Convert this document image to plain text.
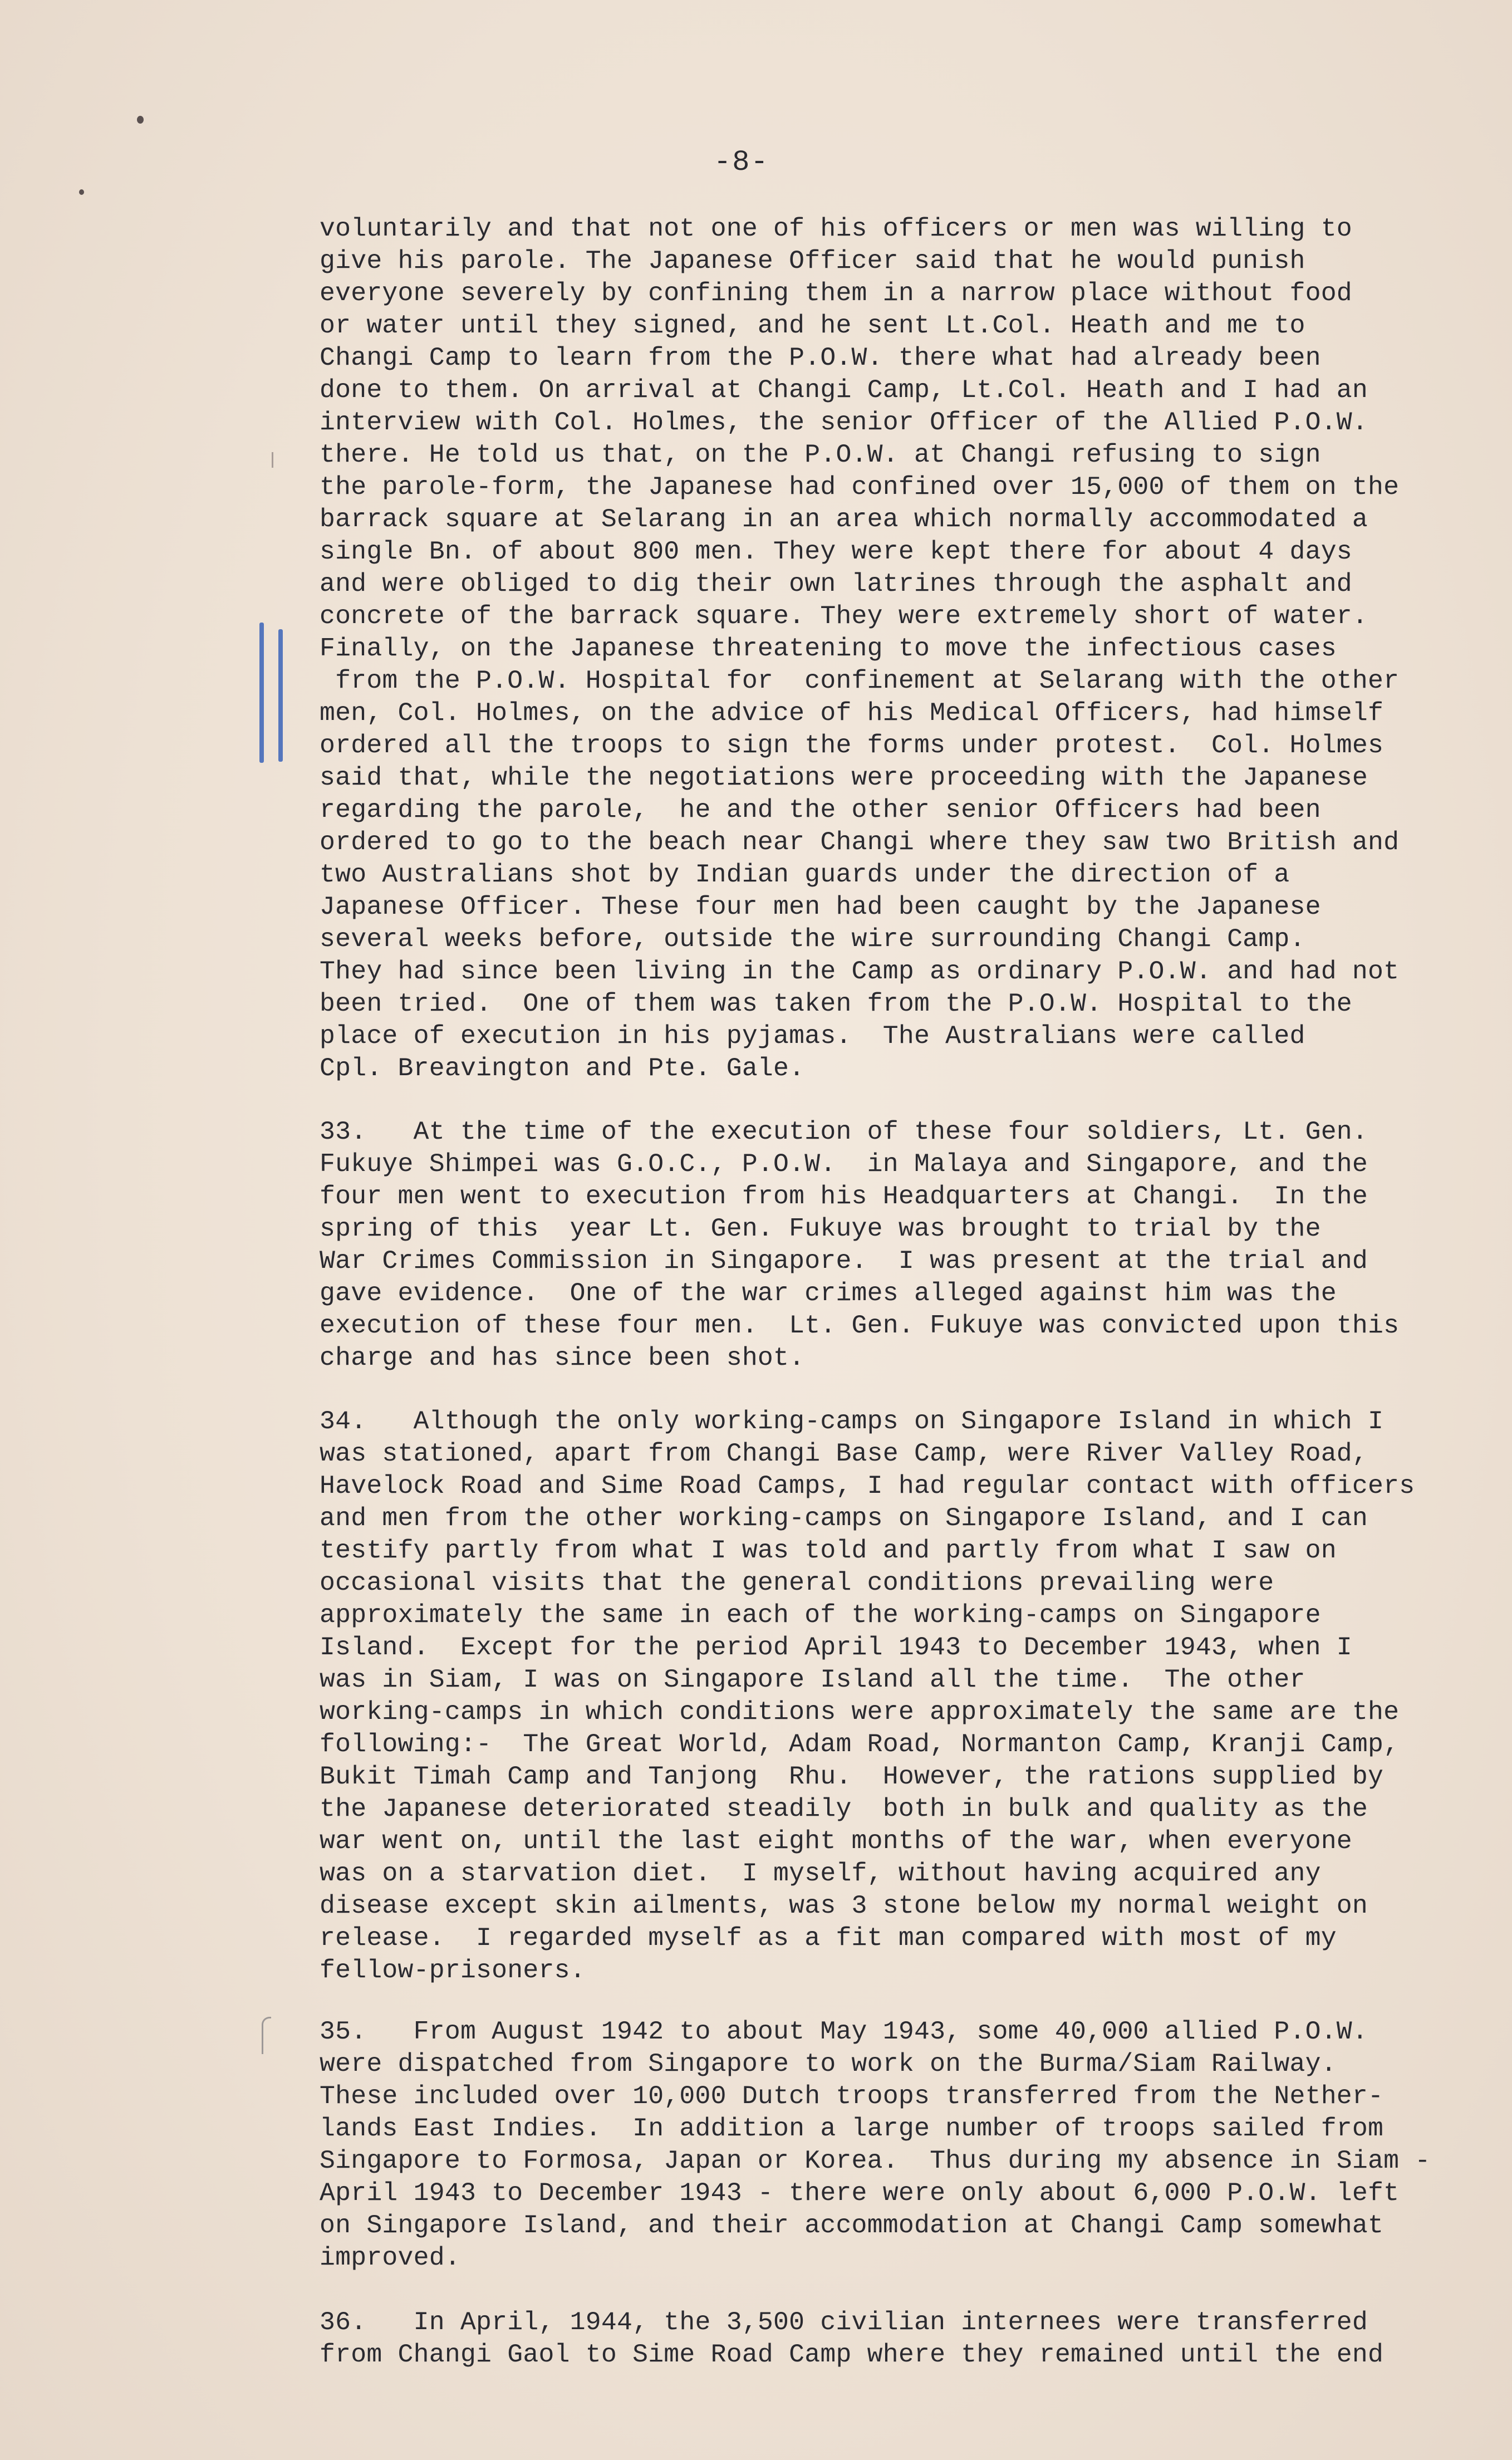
-8-
voluntarily and that not one of his officers or men was willing to
give his parole. The Japanese Officer said that he would punish
everyone severely by confining them in a narrow place without food
or water until they signed, and he sent Lt.Col. Heath and me to
Changi Camp to learn from the P.O.W. there what had already been
done to them. On arrival at Changi Camp, Lt.Col. Heath and I had an
interview with Col. Holmes, the senior Officer of the Allied P.O.W.
there. He told us that, on the P.O.W. at Changi refusing to sign
the parole-form, the Japanese had confined over 15,000 of them on the
barrack square at Selarang in an area which normally accommodated a
single Bn. of about 800 men. They were kept there for about 4 days
and were obliged to dig their own latrines through the asphalt and
concrete of the barrack square. They were extremely short of water.
Finally, on the Japanese threatening to move the infectious cases
from the P.O.W. Hospital for  confinement at Selarang with the other
men, Col. Holmes, on the advice of his Medical Officers, had himself
ordered all the troops to sign the forms under protest.  Col. Holmes
said that, while the negotiations were proceeding with the Japanese
regarding the parole,  he and the other senior Officers had been
ordered to go to the beach near Changi where they saw two British and
two Australians shot by Indian guards under the direction of a
Japanese Officer. These four men had been caught by the Japanese
several weeks before, outside the wire surrounding Changi Camp.
They had since been living in the Camp as ordinary P.O.W. and had not
been tried.  One of them was taken from the P.O.W. Hospital to the
place of execution in his pyjamas.  The Australians were called
Cpl. Breavington and Pte. Gale.
33.   At the time of the execution of these four soldiers, Lt. Gen.
Fukuye Shimpei was G.O.C., P.O.W.  in Malaya and Singapore, and the
four men went to execution from his Headquarters at Changi.  In the
spring of this  year Lt. Gen. Fukuye was brought to trial by the
War Crimes Commission in Singapore.  I was present at the trial and
gave evidence.  One of the war crimes alleged against him was the
execution of these four men.  Lt. Gen. Fukuye was convicted upon this
charge and has since been shot.
34.   Although the only working-camps on Singapore Island in which I
was stationed, apart from Changi Base Camp, were River Valley Road,
Havelock Road and Sime Road Camps, I had regular contact with officers
and men from the other working-camps on Singapore Island, and I can
testify partly from what I was told and partly from what I saw on
occasional visits that the general conditions prevailing were
approximately the same in each of the working-camps on Singapore
Island.  Except for the period April 1943 to December 1943, when I
was in Siam, I was on Singapore Island all the time.  The other
working-camps in which conditions were approximately the same are the
following:-  The Great World, Adam Road, Normanton Camp, Kranji Camp,
Bukit Timah Camp and Tanjong  Rhu.  However, the rations supplied by
the Japanese deteriorated steadily  both in bulk and quality as the
war went on, until the last eight months of the war, when everyone
was on a starvation diet.  I myself, without having acquired any
disease except skin ailments, was 3 stone below my normal weight on
release.  I regarded myself as a fit man compared with most of my
fellow-prisoners.
35.   From August 1942 to about May 1943, some 40,000 allied P.O.W.
were dispatched from Singapore to work on the Burma/Siam Railway.
These included over 10,000 Dutch troops transferred from the Nether-
lands East Indies.  In addition a large number of troops sailed from
Singapore to Formosa, Japan or Korea.  Thus during my absence in Siam -
April 1943 to December 1943 - there were only about 6,000 P.O.W. left
on Singapore Island, and their accommodation at Changi Camp somewhat
improved.
36.   In April, 1944, the 3,500 civilian internees were transferred
from Changi Gaol to Sime Road Camp where they remained until the end
